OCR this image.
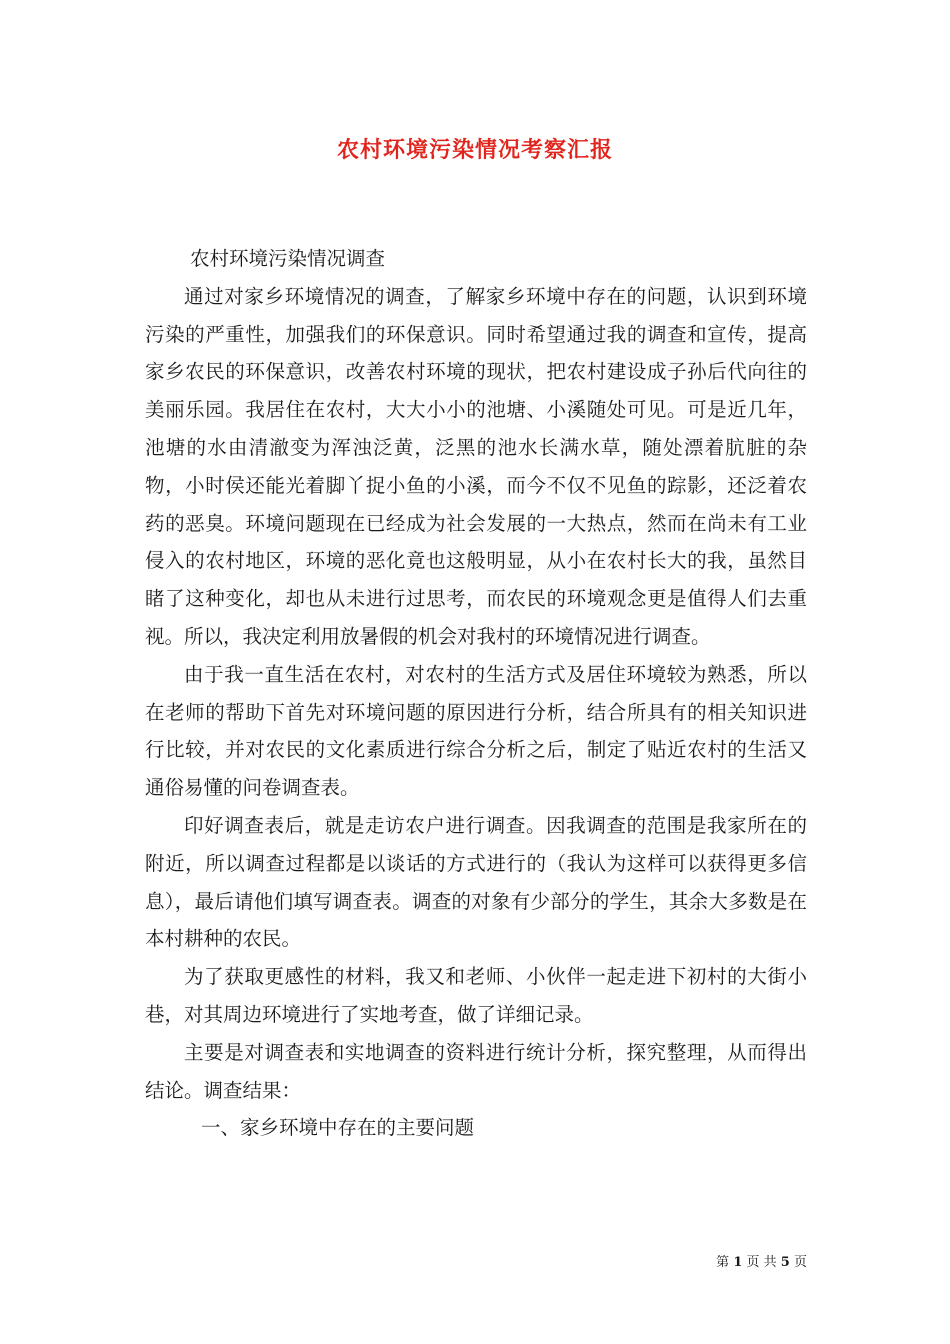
农村环境污染情况考察汇报

农村环境污染情况调查

通过对家乡环境情况的调查，了解家乡环境中存在的问题，认识到环境污染的严重性，加强我们的环保意识。同时希望通过我的调查和宣传，提高家乡农民的环保意识，改善农村环境的现状，把农村建设成子孙后代向往的美丽乐园。我居住在农村，大大小小的池塘、小溪随处可见。可是近几年，池塘的水由清澈变为浑浊泛黄，泛黑的池水长满水草，随处漂着肮脏的杂物，小时侯还能光着脚丫捉小鱼的小溪，而今不仅不见鱼的踪影，还泛着农药的恶臭。环境问题现在已经成为社会发展的一大热点，然而在尚未有工业侵入的农村地区，环境的恶化竟也这般明显，从小在农村长大的我，虽然目睹了这种变化，却也从未进行过思考，而农民的环境观念更是值得人们去重视。所以，我决定利用放暑假的机会对我村的环境情况进行调查。

由于我一直生活在农村，对农村的生活方式及居住环境较为熟悉，所以在老师的帮助下首先对环境问题的原因进行分析，结合所具有的相关知识进行比较，并对农民的文化素质进行综合分析之后，制定了贴近农村的生活又通俗易懂的问卷调查表。

印好调查表后，就是走访农户进行调查。因我调查的范围是我家所在的附近，所以调查过程都是以谈话的方式进行的（我认为这样可以获得更多信息），最后请他们填写调查表。调查的对象有少部分的学生，其余大多数是在本村耕种的农民。

为了获取更感性的材料，我又和老师、小伙伴一起走进下初村的大街小巷，对其周边环境进行了实地考查，做了详细记录。

主要是对调查表和实地调查的资料进行统计分析，探究整理，从而得出结论。调查结果：

一、家乡环境中存在的主要问题

第 1 页 共 5 页
